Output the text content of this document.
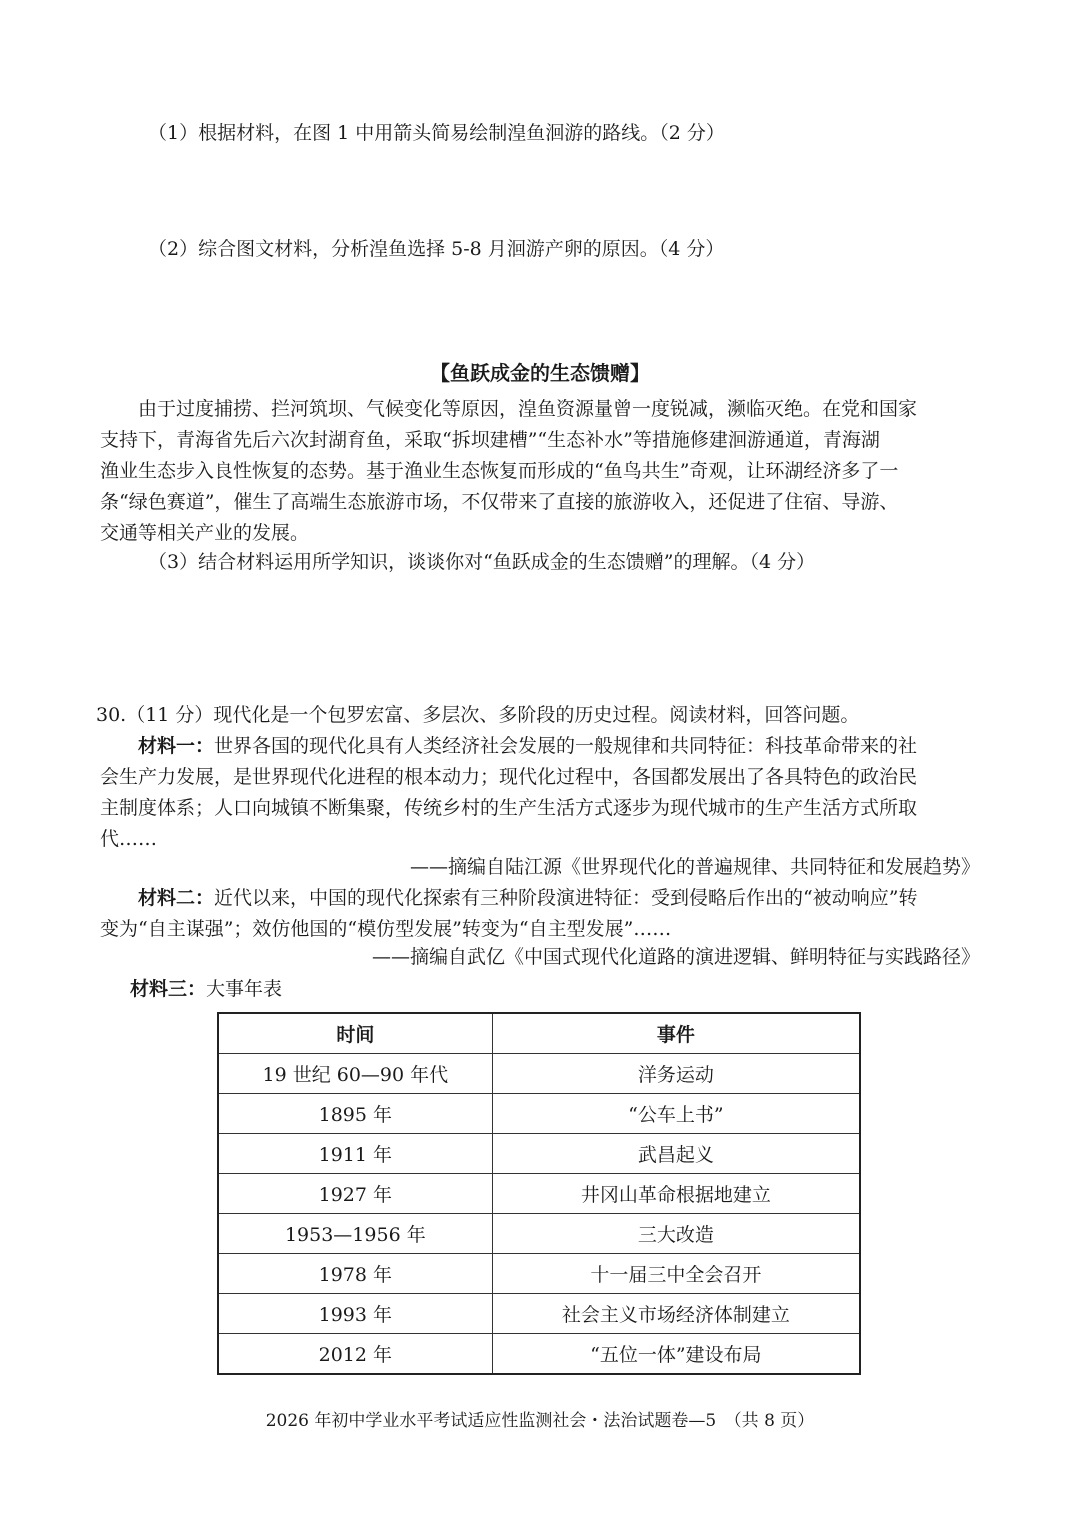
（1）根据材料，在图 1 中用箭头简易绘制湟鱼洄游的路线。（2 分）
（2）综合图文材料，分析湟鱼选择 5-8 月洄游产卵的原因。（4 分）
【鱼跃成金的生态馈赠】
　　由于过度捕捞、拦河筑坝、气候变化等原因，湟鱼资源量曾一度锐减，濒临灭绝。在党和国家
支持下，青海省先后六次封湖育鱼，采取“拆坝建槽”“生态补水”等措施修建洄游通道，青海湖
渔业生态步入良性恢复的态势。基于渔业生态恢复而形成的“鱼鸟共生”奇观，让环湖经济多了一
条“绿色赛道”，催生了高端生态旅游市场，不仅带来了直接的旅游收入，还促进了住宿、导游、
交通等相关产业的发展。
（3）结合材料运用所学知识，谈谈你对“鱼跃成金的生态馈赠”的理解。（4 分）
30.（11 分）现代化是一个包罗宏富、多层次、多阶段的历史过程。阅读材料，回答问题。
材料一：世界各国的现代化具有人类经济社会发展的一般规律和共同特征：科技革命带来的社
会生产力发展，是世界现代化进程的根本动力；现代化过程中，各国都发展出了各具特色的政治民
主制度体系；人口向城镇不断集聚，传统乡村的生产生活方式逐步为现代城市的生产生活方式所取
代……
——摘编自陆江源《世界现代化的普遍规律、共同特征和发展趋势》
材料二：近代以来，中国的现代化探索有三种阶段演进特征：受到侵略后作出的“被动响应”转
变为“自主谋强”；效仿他国的“模仿型发展”转变为“自主型发展”……
——摘编自武亿《中国式现代化道路的演进逻辑、鲜明特征与实践路径》
材料三：大事年表
时间	事件
19 世纪 60—90 年代	洋务运动
1895 年	“公车上书”
1911 年	武昌起义
1927 年	井冈山革命根据地建立
1953—1956 年	三大改造
1978 年	十一届三中全会召开
1993 年	社会主义市场经济体制建立
2012 年	“五位一体”建设布局
2026 年初中学业水平考试适应性监测社会・法治试题卷—5　（共 8 页）
